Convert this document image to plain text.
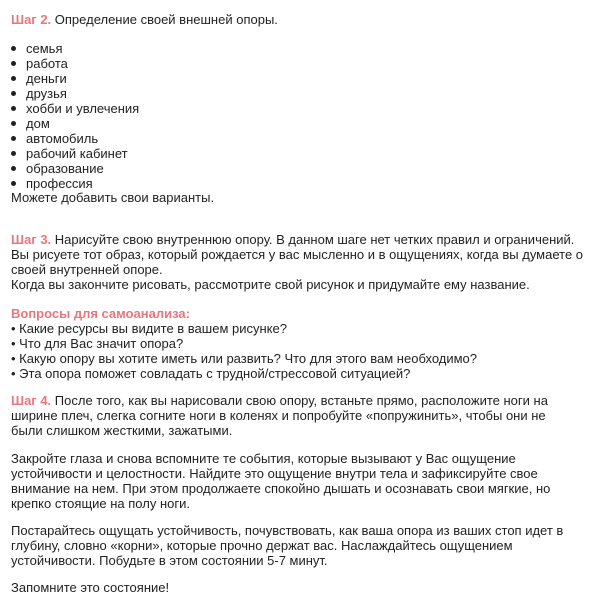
Шаг 2. Определение своей внешней опоры.
семья
работа
деньги
друзья
хобби и увлечения
дом
автомобиль
рабочий кабинет
образование
профессия
Можете добавить свои варианты.
Шаг 3. Нарисуйте свою внутреннюю опору. В данном шаге нет четких правил и ограничений.
Вы рисуете тот образ, который рождается у вас мысленно и в ощущениях, когда вы думаете о
своей внутренней опоре.
Когда вы закончите рисовать, рассмотрите свой рисунок и придумайте ему название.
Вопросы для самоанализа:
• Какие ресурсы вы видите в вашем рисунке?
• Что для Вас значит опора?
• Какую опору вы хотите иметь или развить? Что для этого вам необходимо?
• Эта опора поможет совладать с трудной/стрессовой ситуацией?
Шаг 4. После того, как вы нарисовали свою опору, встаньте прямо, расположите ноги на
ширине плеч, слегка согните ноги в коленях и попробуйте «попружинить», чтобы они не
были слишком жесткими, зажатыми.
Закройте глаза и снова вспомните те события, которые вызывают у Вас ощущение
устойчивости и целостности. Найдите это ощущение внутри тела и зафиксируйте свое
внимание на нем. При этом продолжаете спокойно дышать и осознавать свои мягкие, но
крепко стоящие на полу ноги.
Постарайтесь ощущать устойчивость, почувствовать, как ваша опора из ваших стоп идет в
глубину, словно «корни», которые прочно держат вас. Наслаждайтесь ощущением
устойчивости. Побудьте в этом состоянии 5-7 минут.
Запомните это состояние!
